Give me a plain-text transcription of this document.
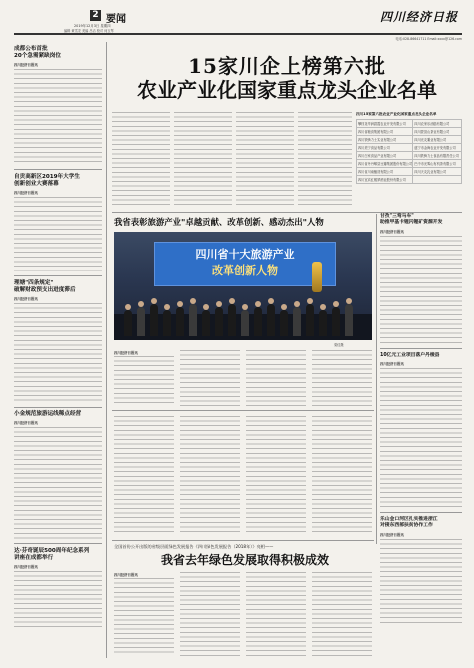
2
2019年12月3日 星期四
编辑 黄雪龙 美编 吕洁 校对 何玉琴
要闻	四川经济日报
电话:028-86641711 Email:xxxx@126.com
成都公布首批
20个急需紧缺岗位
四川经济日报讯
自贡高新区2019年大学生
创新创业大赛落幕
四川经济日报讯
理塘"四条规定"
破解财政预支出进度滞后
四川经济日报讯
小金规范旅游运线稀点经营
四川经济日报讯
达·芬奇诞辰500周年纪念系列
讲座在成都举行
四川经济日报讯
15家川企上榜第六批
农业产业化国家重点龙头企业名单
四川15家第六批农业产业化国家重点龙头企业名单
攀枝花华润碧霞农业开发有限公司	四川农家乐油脂有限公司
四川省粮食集团有限公司	四川蒙顶山茶业有限公司
四川铁骑力士实业有限公司	四川光友薯业有限公司
四川美宁食品有限公司	遂宁市金海农业开发有限公司
四川白家食品产业有限公司	四川铁骑力士食品有限责任公司
四川省丹丹郫县豆瓣集团股份有限公司	巴中市光雾山有机茶有限公司
四川省川南酿造有限公司	四川天友乳业有限公司
四川宜宾红楼梦酒业股份有限公司	
我省表彰旅游产业"卓越贡献、改革创新、感动杰出"人物
四川省十大旅游产业
改革创新人物
梁佳摄
四川经济日报讯
甘孜"三弯马车"
助推甲基卡锂闪锂矿资源开发
四川经济日报讯
10亿元工业项目落户丹棱县
四川经济日报讯
乐山金口河区扎实推进浙江
对接东西部扶贫协作工作
四川经济日报讯
全国首份公开出版的省级层面绿色发展报告《四川绿色发展报告（2018年）》亮相——
我省去年绿色发展取得积极成效
四川经济日报讯
